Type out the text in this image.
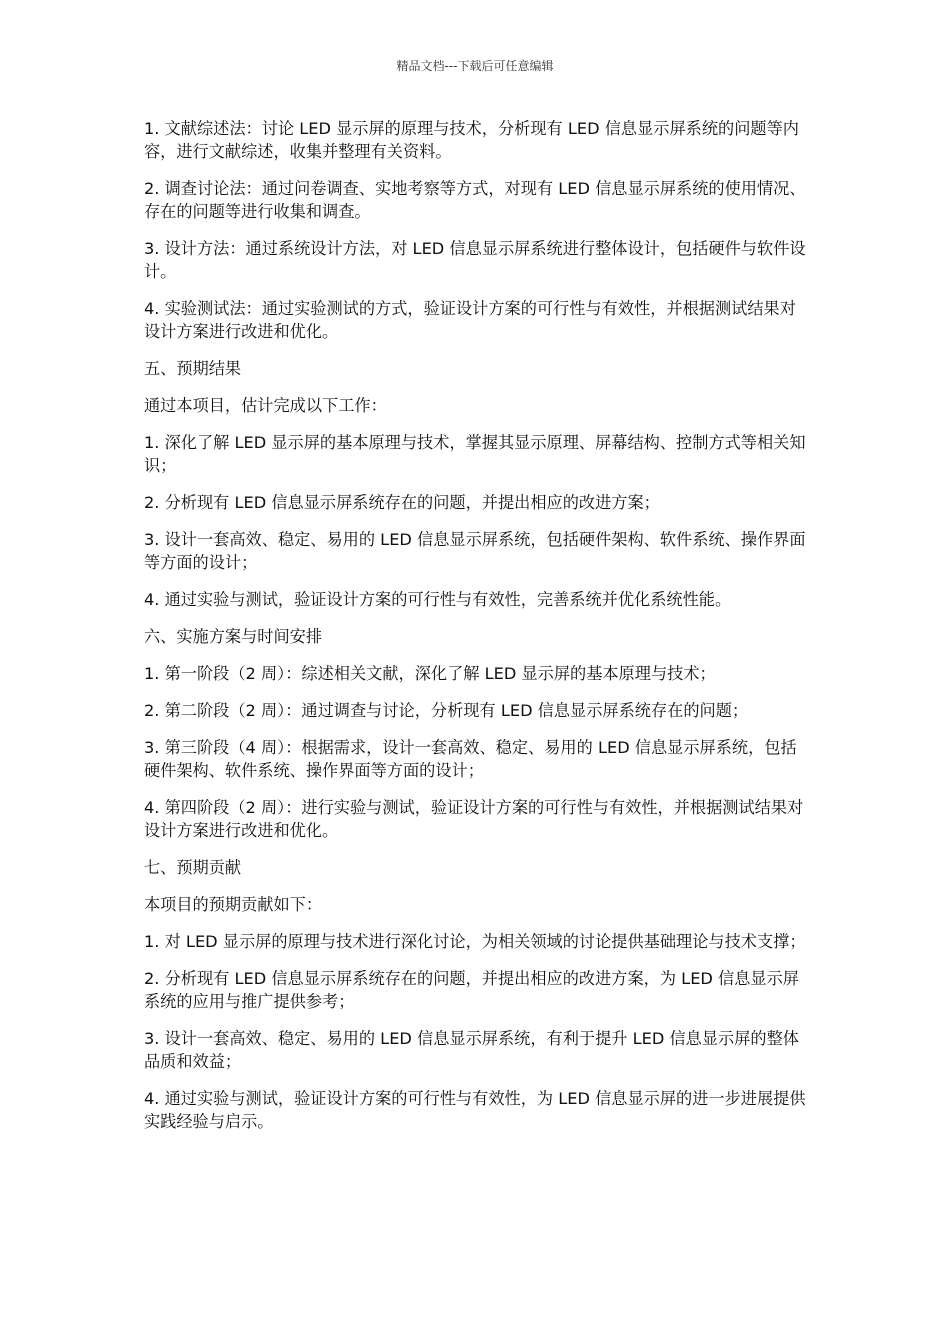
精品文档---下载后可任意编辑

1. 文献综述法：讨论 LED 显示屏的原理与技术，分析现有 LED 信息显示屏系统的问题等内容，进行文献综述，收集并整理有关资料。

2. 调查讨论法：通过问卷调查、实地考察等方式，对现有 LED 信息显示屏系统的使用情况、存在的问题等进行收集和调查。

3. 设计方法：通过系统设计方法，对 LED 信息显示屏系统进行整体设计，包括硬件与软件设计。

4. 实验测试法：通过实验测试的方式，验证设计方案的可行性与有效性，并根据测试结果对设计方案进行改进和优化。

五、预期结果

通过本项目，估计完成以下工作：

1. 深化了解 LED 显示屏的基本原理与技术，掌握其显示原理、屏幕结构、控制方式等相关知识；

2. 分析现有 LED 信息显示屏系统存在的问题，并提出相应的改进方案；

3. 设计一套高效、稳定、易用的 LED 信息显示屏系统，包括硬件架构、软件系统、操作界面等方面的设计；

4. 通过实验与测试，验证设计方案的可行性与有效性，完善系统并优化系统性能。

六、实施方案与时间安排

1. 第一阶段（2 周）：综述相关文献，深化了解 LED 显示屏的基本原理与技术；

2. 第二阶段（2 周）：通过调查与讨论，分析现有 LED 信息显示屏系统存在的问题；

3. 第三阶段（4 周）：根据需求，设计一套高效、稳定、易用的 LED 信息显示屏系统，包括硬件架构、软件系统、操作界面等方面的设计；

4. 第四阶段（2 周）：进行实验与测试，验证设计方案的可行性与有效性，并根据测试结果对设计方案进行改进和优化。

七、预期贡献

本项目的预期贡献如下：

1. 对 LED 显示屏的原理与技术进行深化讨论，为相关领域的讨论提供基础理论与技术支撑；

2. 分析现有 LED 信息显示屏系统存在的问题，并提出相应的改进方案，为 LED 信息显示屏系统的应用与推广提供参考；

3. 设计一套高效、稳定、易用的 LED 信息显示屏系统，有利于提升 LED 信息显示屏的整体品质和效益；

4. 通过实验与测试，验证设计方案的可行性与有效性，为 LED 信息显示屏的进一步进展提供实践经验与启示。
